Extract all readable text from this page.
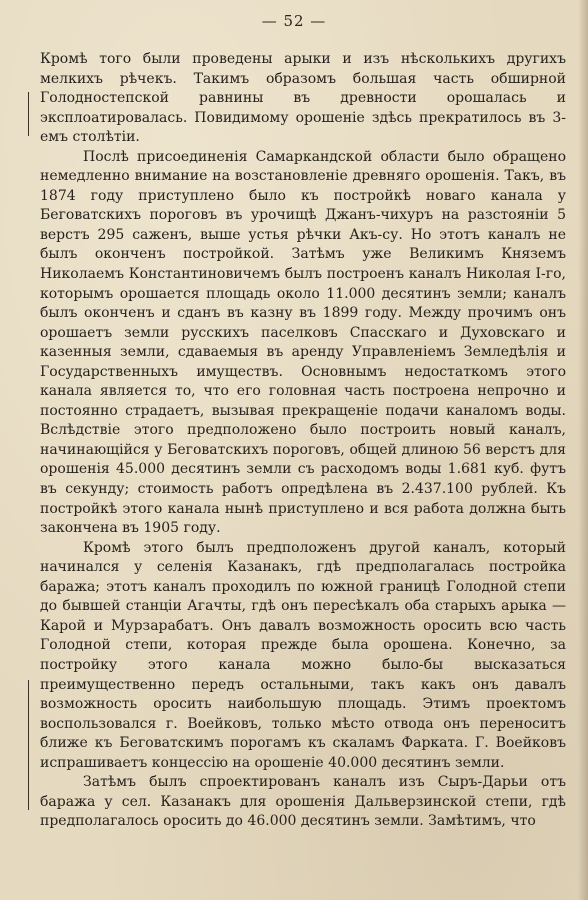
— 52 —

Кромѣ того были проведены арыки и изъ нѣсколькихъ другихъ мелкихъ рѣчекъ. Такимъ образомъ большая часть обширной Голодностепской равнины въ древности орошалась и эксплоатировалась. Повидимому орошеніе здѣсь прекратилось въ 3-емъ столѣтіи.

Послѣ присоединенія Самаркандской области было обращено немедленно внимание на возстановленіе древняго орошенія. Такъ, въ 1874 году приступлено было къ постройкѣ новаго канала у Беговатскихъ пороговъ въ урочищѣ Джанъ-чихуръ на разстояніи 5 верстъ 295 саженъ, выше устья рѣчки Акъ-су. Но этотъ каналъ не былъ оконченъ постройкой. Затѣмъ уже Великимъ Княземъ Николаемъ Константиновичемъ былъ построенъ каналъ Николая I-го, которымъ орошается площадь около 11.000 десятинъ земли; каналъ былъ оконченъ и сданъ въ казну въ 1899 году. Между прочимъ онъ орошаетъ земли русскихъ паселковъ Спасскаго и Духовскаго и казенныя земли, сдаваемыя въ аренду Управленіемъ Земледѣлія и Государственныхъ имуществъ. Основнымъ недостаткомъ этого канала является то, что его головная часть построена непрочно и постоянно страдаетъ, вызывая прекращеніе подачи каналомъ воды. Вслѣдствіе этого предположено было построить новый каналъ, начинающійся у Беговатскихъ пороговъ, общей длиною 56 верстъ для орошенія 45.000 десятинъ земли съ расходомъ воды 1.681 куб. футъ въ секунду; стоимость работъ опредѣлена въ 2.437.100 рублей. Къ постройкѣ этого канала нынѣ приступлено и вся работа должна быть закончена въ 1905 году.

Кромѣ этого былъ предположенъ другой каналъ, который начинался у селенія Казанакъ, гдѣ предполагалась постройка баража; этотъ каналъ проходилъ по южной границѣ Голодной степи до бывшей станціи Агачты, гдѣ онъ пересѣкалъ оба старыхъ арыка — Карой и Мурзарабатъ. Онъ давалъ возможность оросить всю часть Голодной степи, которая прежде была орошена. Конечно, за постройку этого канала можно было-бы высказаться преимущественно передъ остальными, такъ какъ онъ давалъ возможность оросить наибольшую площадь. Этимъ проектомъ воспользовался г. Воейковъ, только мѣсто отвода онъ переноситъ ближе къ Беговатскимъ порогамъ къ скаламъ Фарката. Г. Воейковъ испрашиваетъ концессію на орошеніе 40.000 десятинъ земли.

Затѣмъ былъ спроектированъ каналъ изъ Сыръ-Дарьи отъ баража у сел. Казанакъ для орошенія Дальверзинской степи, гдѣ предполагалось оросить до 46.000 десятинъ земли. Замѣтимъ, что
